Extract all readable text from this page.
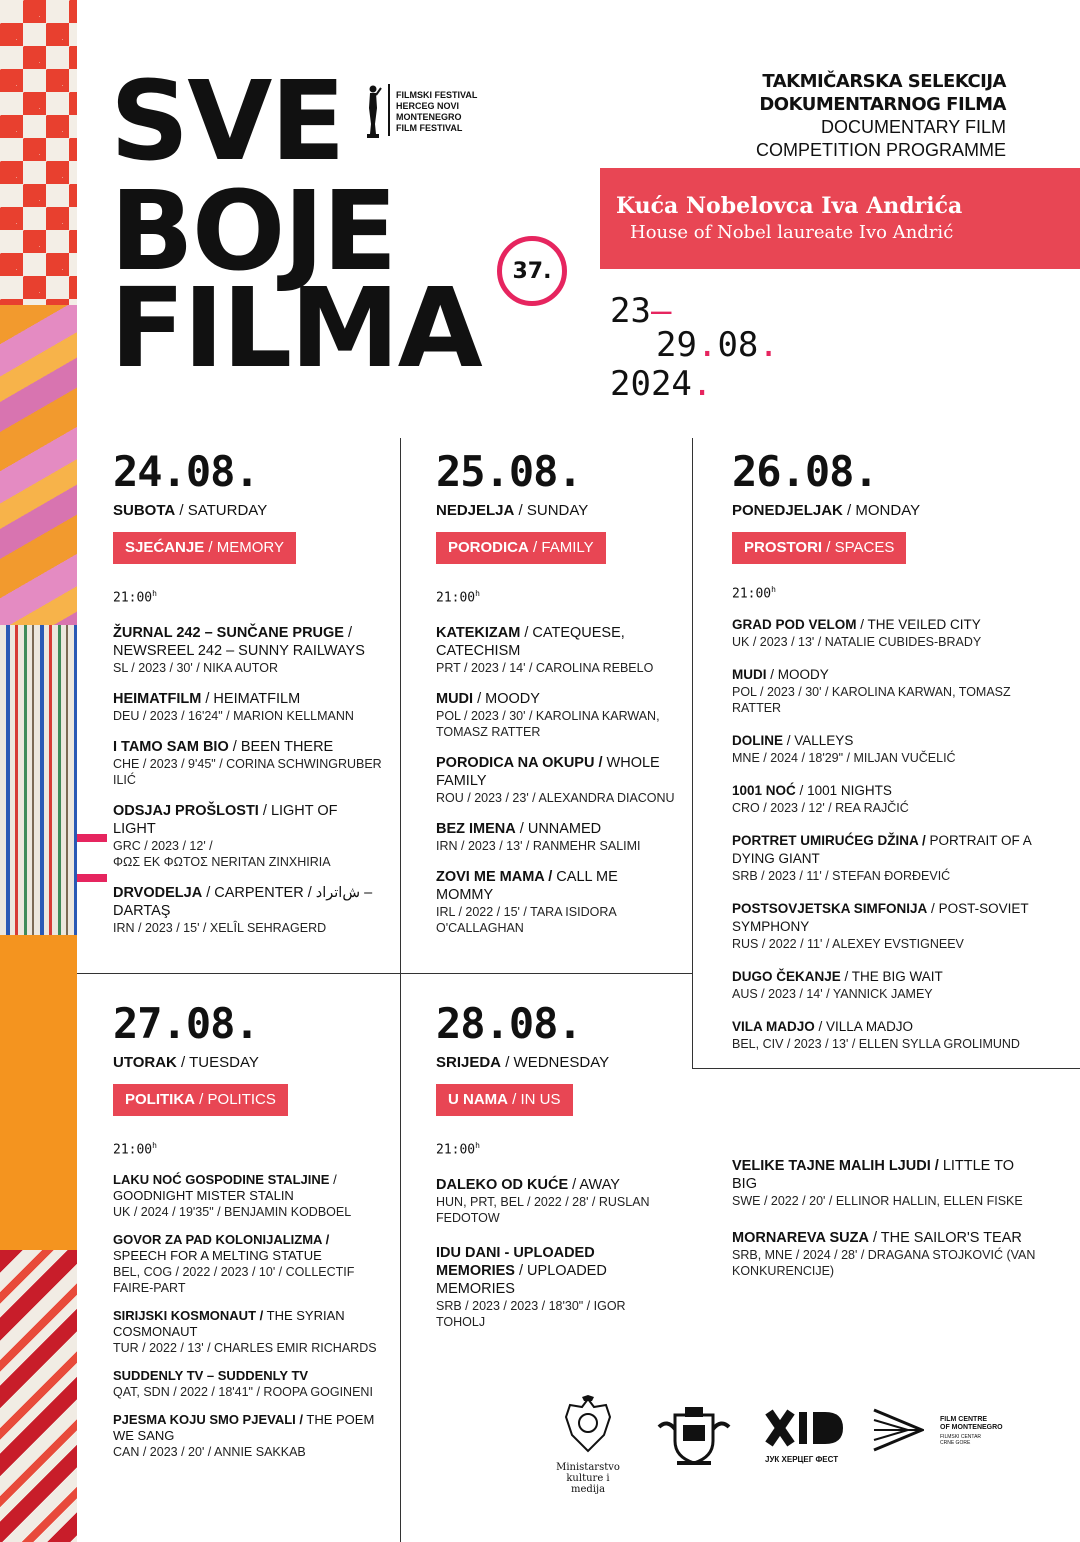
SVE
BOJE
FILMA
FILMSKI FESTIVAL
HERCEG NOVI
MONTENEGRO
FILM FESTIVAL
37.
TAKMIČARSKA SELEKCIJA
DOKUMENTARNOG FILMA
DOCUMENTARY FILM
COMPETITION PROGRAMME
Kuća Nobelovca Iva Andrića
House of Nobel laureate Ivo Andrić
23–
29.08.
2024.
24.08.
SUBOTA / SATURDAY
SJEĆANJE / MEMORY
21:00$^h$
ŽURNAL 242 – SUNČANE PRUGE / NEWSREEL 242 – SUNNY RAILWAYS
SL / 2023 / 30' / NIKA AUTOR
HEIMATFILM / HEIMATFILM
DEU / 2023 / 16'24" / MARION KELLMANN
I TAMO SAM BIO / BEEN THERE
CHE / 2023 / 9'45" / CORINA SCHWINGRUBER ILIĆ
ODSJAJ PROŠLOSTI / LIGHT OF LIGHT
GRC / 2023 / 12' /
ΦΩΣ ΕΚ ΦΩΤΟΣ NERITAN ZINXHIRIA
DRVODELJA / CARPENTER / ش‌اتراد – DARTAŞ
IRN / 2023 / 15' / XELÎL SEHRAGERD
25.08.
NEDJELJA / SUNDAY
PORODICA / FAMILY
21:00$^h$
KATEKIZAM / CATEQUESE, CATECHISM
PRT / 2023 / 14' / CAROLINA REBELO
MUDI / MOODY
POL / 2023 / 30' / KAROLINA KARWAN, TOMASZ RATTER
PORODICA NA OKUPU / WHOLE FAMILY
ROU / 2023 / 23' / ALEXANDRA DIACONU
BEZ IMENA / UNNAMED
IRN / 2023 / 13' / RANMEHR SALIMI
ZOVI ME MAMA / CALL ME MOMMY
IRL / 2022 / 15' / TARA ISIDORA O'CALLAGHAN
26.08.
PONEDJELJAK / MONDAY
PROSTORI / SPACES
21:00$^h$
GRAD POD VELOM / THE VEILED CITY
UK / 2023 / 13' / NATALIE CUBIDES-BRADY
MUDI / MOODY
POL / 2023 / 30' / KAROLINA KARWAN, TOMASZ RATTER
DOLINE / VALLEYS
MNE / 2024 / 18'29" / MILJAN VUČELIĆ
1001 NOĆ / 1001 NIGHTS
CRO / 2023 / 12' / REA RAJČIĆ
PORTRET UMIRUĆEG DŽINA / PORTRAIT OF A DYING GIANT
SRB / 2023 / 11' / STEFAN ĐORĐEVIĆ
POSTSOVJETSKA SIMFONIJA / POST-SOVIET SYMPHONY
RUS / 2022 / 11' / ALEXEY EVSTIGNEEV
DUGO ČEKANJE / THE BIG WAIT
AUS / 2023 / 14' / YANNICK JAMEY
VILA MADJO / VILLA MADJO
BEL, CIV / 2023 / 13' / ELLEN SYLLA GROLIMUND
27.08.
UTORAK / TUESDAY
POLITIKA / POLITICS
21:00$^h$
LAKU NOĆ GOSPODINE STALJINE / GOODNIGHT MISTER STALIN
UK / 2024 / 19'35" / BENJAMIN KODBOEL
GOVOR ZA PAD KOLONIJALIZMA / SPEECH FOR A MELTING STATUE
BEL, COG / 2022 / 2023 / 10' / COLLECTIF FAIRE-PART
SIRIJSKI KOSMONAUT / THE SYRIAN COSMONAUT
TUR / 2022 / 13' / CHARLES EMIR RICHARDS
SUDDENLY TV – SUDDENLY TV
QAT, SDN / 2022 / 18'41" / ROOPA GOGINENI
PJESMA KOJU SMO PJEVALI / THE POEM WE SANG
CAN / 2023 / 20' / ANNIE SAKKAB
28.08.
SRIJEDA / WEDNESDAY
U NAMA / IN US
21:00$^h$
DALEKO OD KUĆE / AWAY
HUN, PRT, BEL / 2022 / 28' / RUSLAN FEDOTOW
IDU DANI - UPLOADED MEMORIES / UPLOADED MEMORIES
SRB / 2023 / 2023 / 18'30" / IGOR TOHOLJ
VELIKE TAJNE MALIH LJUDI / LITTLE TO BIG
SWE / 2022 / 20' / ELLINOR HALLIN, ELLEN FISKE
MORNAREVA SUZA / THE SAILOR'S TEAR
SRB, MNE / 2024 / 28' / DRAGANA STOJKOVIĆ (VAN KONKURENCIJE)
Ministarstvo
kulture i
medija
ЈУК ХЕРЦЕГ ФЕСТ
FILM CENTRE
OF MONTENEGRO
FILMSKI CENTAR
CRNE GORE
